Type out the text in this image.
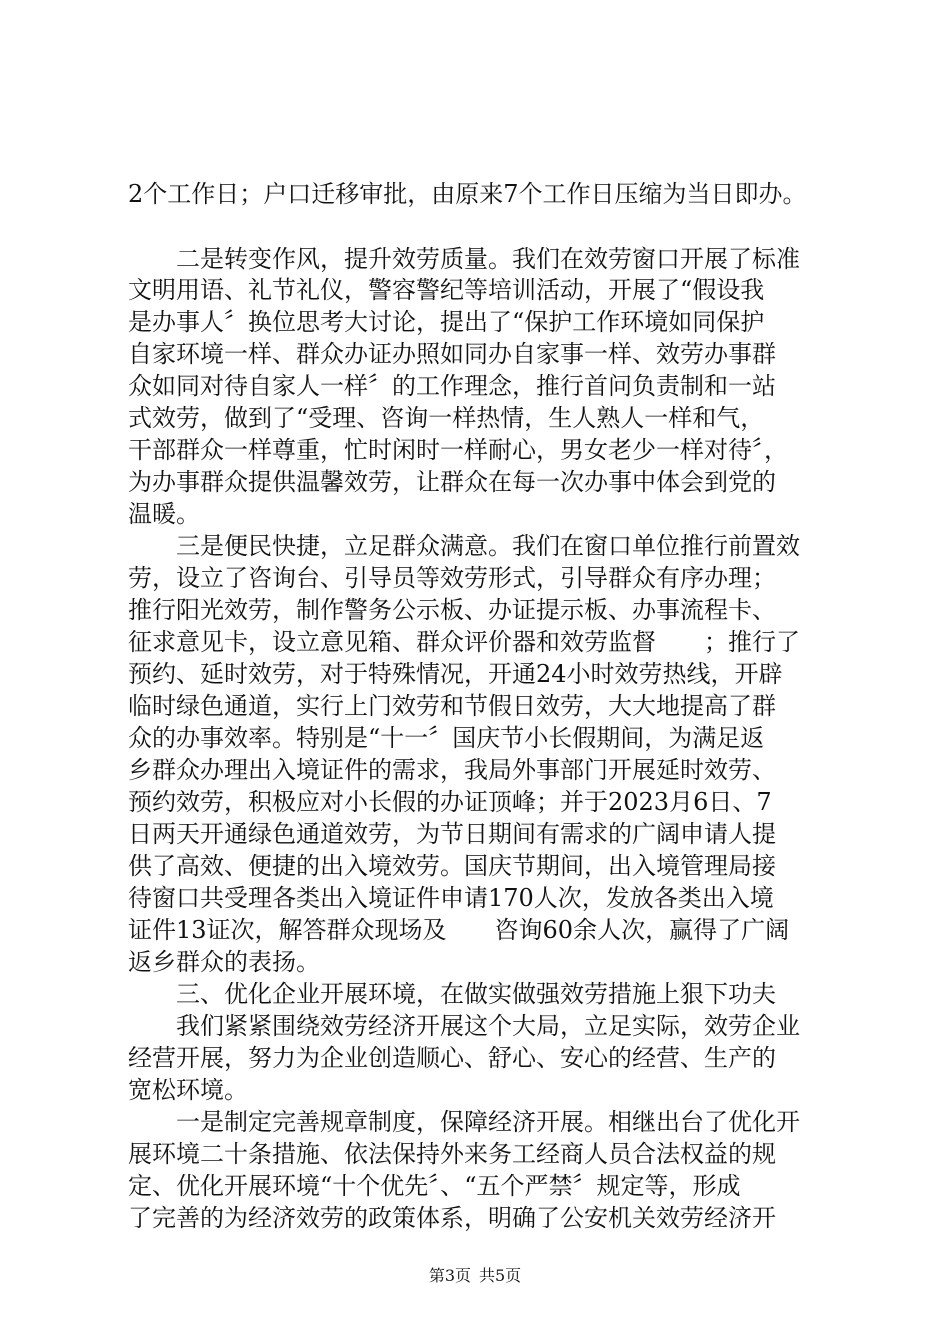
2个工作日；户口迁移审批，由原来7个工作日压缩为当日即办。
二是转变作风，提升效劳质量。我们在效劳窗口开展了标准
文明用语、礼节礼仪，警容警纪等培训活动，开展了“假设我
是办事人〞换位思考大讨论，提出了“保护工作环境如同保护
自家环境一样、群众办证办照如同办自家事一样、效劳办事群
众如同对待自家人一样〞的工作理念，推行首问负责制和一站
式效劳，做到了“受理、咨询一样热情，生人熟人一样和气，
干部群众一样尊重，忙时闲时一样耐心，男女老少一样对待〞，
为办事群众提供温馨效劳，让群众在每一次办事中体会到党的
温暖。
三是便民快捷，立足群众满意。我们在窗口单位推行前置效
劳，设立了咨询台、引导员等效劳形式，引导群众有序办理；
推行阳光效劳，制作警务公示板、办证提示板、办事流程卡、
征求意见卡，设立意见箱、群众评价器和效劳监督　　；推行了
预约、延时效劳，对于特殊情况，开通24小时效劳热线，开辟
临时绿色通道，实行上门效劳和节假日效劳，大大地提高了群
众的办事效率。特别是“十一〞国庆节小长假期间，为满足返
乡群众办理出入境证件的需求，我局外事部门开展延时效劳、
预约效劳，积极应对小长假的办证顶峰；并于2023月6日、7
日两天开通绿色通道效劳，为节日期间有需求的广阔申请人提
供了高效、便捷的出入境效劳。国庆节期间，出入境管理局接
待窗口共受理各类出入境证件申请170人次，发放各类出入境
证件13证次，解答群众现场及　　咨询60余人次，赢得了广阔
返乡群众的表扬。
三、优化企业开展环境，在做实做强效劳措施上狠下功夫
我们紧紧围绕效劳经济开展这个大局，立足实际，效劳企业
经营开展，努力为企业创造顺心、舒心、安心的经营、生产的
宽松环境。
一是制定完善规章制度，保障经济开展。相继出台了优化开
展环境二十条措施、依法保持外来务工经商人员合法权益的规
定、优化开展环境“十个优先〞、“五个严禁〞规定等，形成
了完善的为经济效劳的政策体系，明确了公安机关效劳经济开
第3页 共5页
